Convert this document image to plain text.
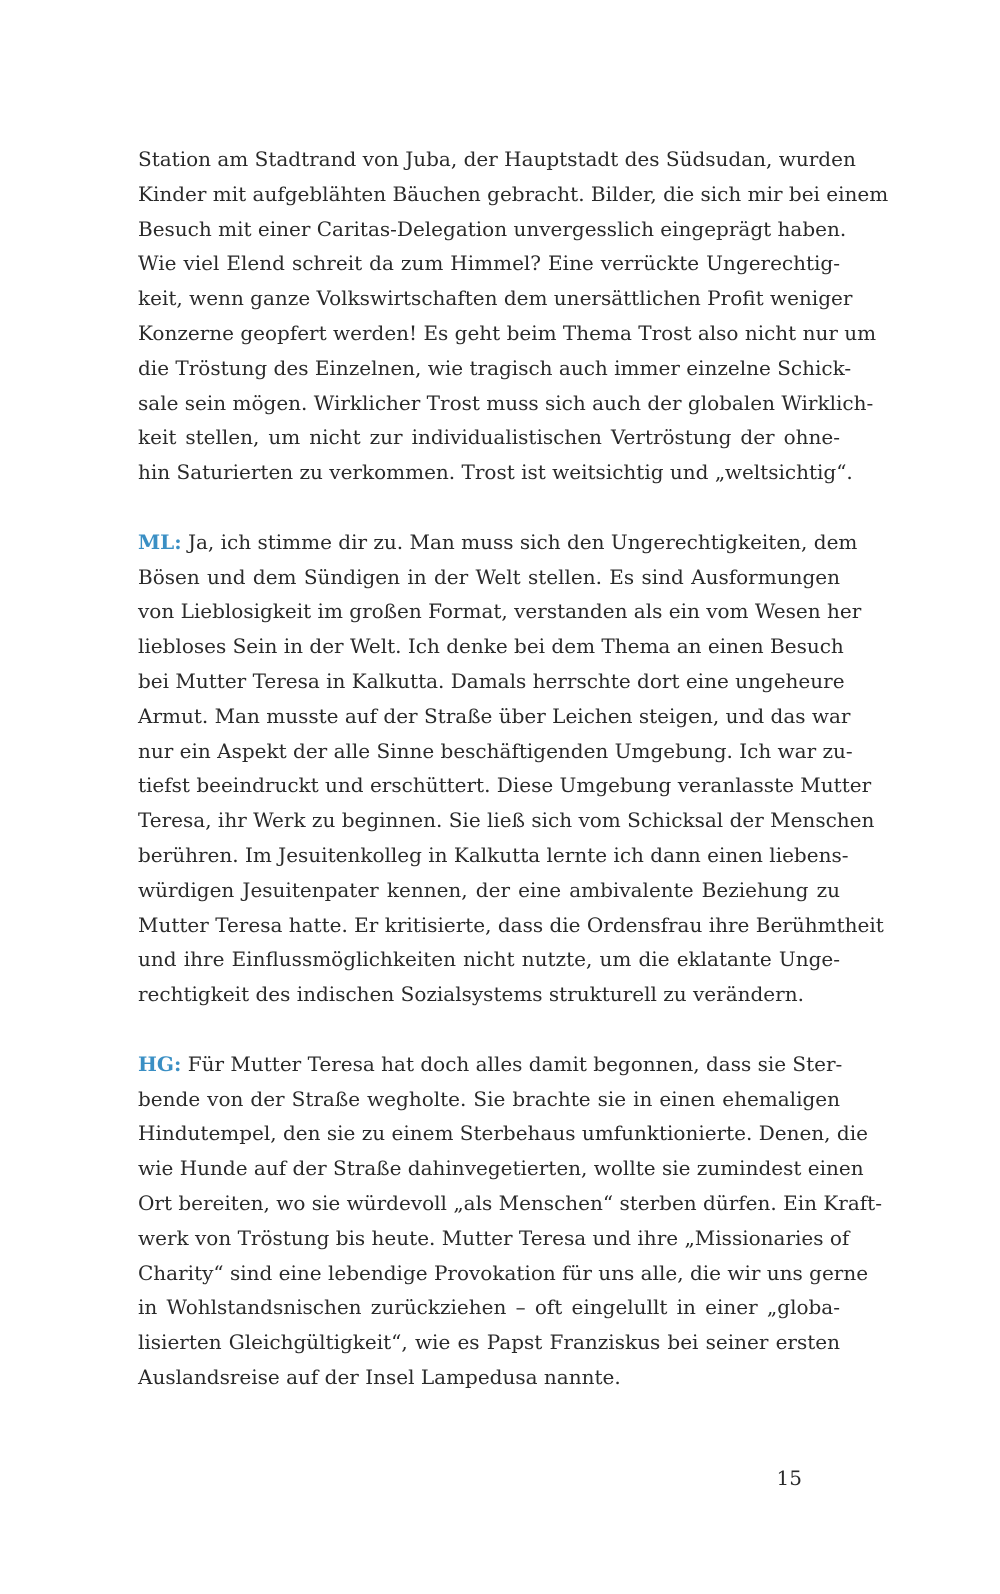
Station am Stadtrand von Juba, der Hauptstadt des Südsudan, wurden
Kinder mit aufgeblähten Bäuchen gebracht. Bilder, die sich mir bei einem
Besuch mit einer Caritas-Delegation unvergesslich eingeprägt haben.
Wie viel Elend schreit da zum Himmel? Eine verrückte Ungerechtig-
keit, wenn ganze Volkswirtschaften dem unersättlichen Profit weniger
Konzerne geopfert werden! Es geht beim Thema Trost also nicht nur um
die Tröstung des Einzelnen, wie tragisch auch immer einzelne Schick-
sale sein mögen. Wirklicher Trost muss sich auch der globalen Wirklich-
keit stellen, um nicht zur individualistischen Vertröstung der ohne-
hin Saturierten zu verkommen. Trost ist weitsichtig und „weltsichtig“.

ML: Ja, ich stimme dir zu. Man muss sich den Ungerechtigkeiten, dem
Bösen und dem Sündigen in der Welt stellen. Es sind Ausformungen
von Lieblosigkeit im großen Format, verstanden als ein vom Wesen her
liebloses Sein in der Welt. Ich denke bei dem Thema an einen Besuch
bei Mutter Teresa in Kalkutta. Damals herrschte dort eine ungeheure
Armut. Man musste auf der Straße über Leichen steigen, und das war
nur ein Aspekt der alle Sinne beschäftigenden Umgebung. Ich war zu-
tiefst beeindruckt und erschüttert. Diese Umgebung veranlasste Mutter
Teresa, ihr Werk zu beginnen. Sie ließ sich vom Schicksal der Menschen
berühren. Im Jesuitenkolleg in Kalkutta lernte ich dann einen liebens-
würdigen Jesuitenpater kennen, der eine ambivalente Beziehung zu
Mutter Teresa hatte. Er kritisierte, dass die Ordensfrau ihre Berühmtheit
und ihre Einflussmöglichkeiten nicht nutzte, um die eklatante Unge-
rechtigkeit des indischen Sozialsystems strukturell zu verändern.

HG: Für Mutter Teresa hat doch alles damit begonnen, dass sie Ster-
bende von der Straße wegholte. Sie brachte sie in einen ehemaligen
Hindutempel, den sie zu einem Sterbehaus umfunktionierte. Denen, die
wie Hunde auf der Straße dahinvegetierten, wollte sie zumindest einen
Ort bereiten, wo sie würdevoll „als Menschen“ sterben dürfen. Ein Kraft-
werk von Tröstung bis heute. Mutter Teresa und ihre „Missionaries of
Charity“ sind eine lebendige Provokation für uns alle, die wir uns gerne
in Wohlstandsnischen zurückziehen – oft eingelullt in einer „globa-
lisierten Gleichgültigkeit“, wie es Papst Franziskus bei seiner ersten
Auslandsreise auf der Insel Lampedusa nannte.

15
